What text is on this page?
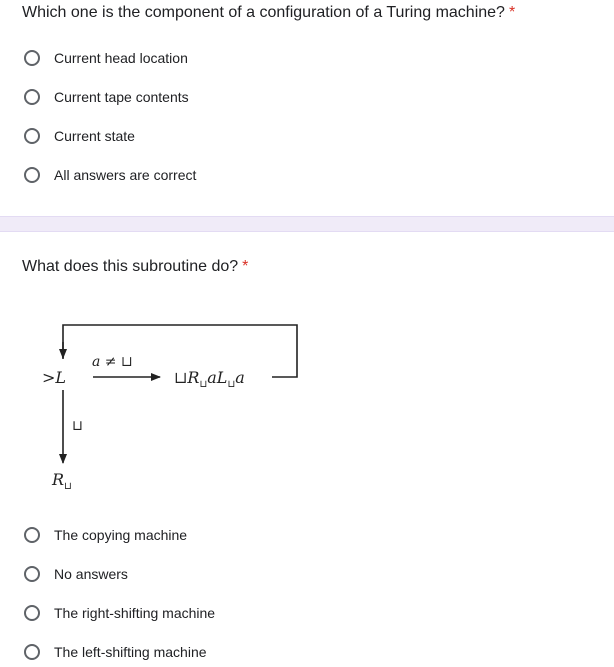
Which one is the component of a configuration of a Turing machine? *
Current head location
Current tape contents
Current state
All answers are correct
What does this subroutine do? *
>L
a ≠ ⊔
$⊔R_⊔aL_⊔a$
⊔
$R_⊔$
The copying machine
No answers
The right-shifting machine
The left-shifting machine
